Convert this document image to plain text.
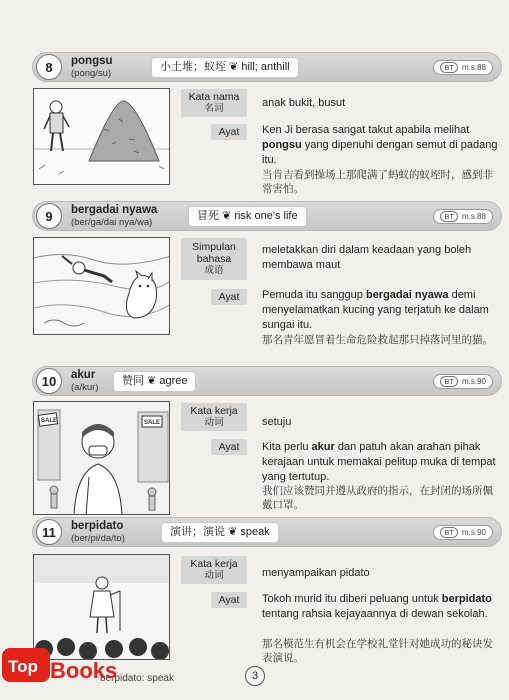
8	pongsu
(pong/su)
小土堆；蚁垤 ❦ hill; anthill	BT m.s.88
Kata nama
名词	anak bukit, busut
Ayat	Ken Ji berasa sangat takut apabila melihat pongsu yang dipenuhi dengan semut di padang itu.
当肯吉看到操场上那爬满了蚂蚁的蚁垤时，感到非常害怕。
9	bergadai nyawa
(ber/ga/dai nya/wa)
冒死 ❦ risk one's life	BT m.s.88
Simpulan bahasa
成语
meletakkan diri dalam keadaan yang boleh membawa maut
Ayat	Pemuda itu sanggup bergadai nyawa demi menyelamatkan kucing yang terjatuh ke dalam sungai itu.
那名青年愿冒着生命危险救起那只掉落河里的猫。
10	akur
(a/kur)
赞同 ❦ agree	BT m.s.90
SALE	SALE
Kata kerja
动词	setuju
Ayat	Kita perlu akur dan patuh akan arahan pihak kerajaan untuk memakai pelitup muka di tempat yang tertutup.
我们应该赞同并遵从政府的指示，在封闭的场所佩戴口罩。
11	berpidato
(ber/pi/da/to)
演讲；演说 ❦ speak	BT m.s.90
Kata kerja
动词	menyampaikan pidato
Ayat	Tokoh murid itu diberi peluang untuk berpidato tentang rahsia kejayaannya di dewan sekolah.
那名模范生有机会在学校礼堂针对她成功的秘诀发表演说。
berpidato: speak	3
Top Books
